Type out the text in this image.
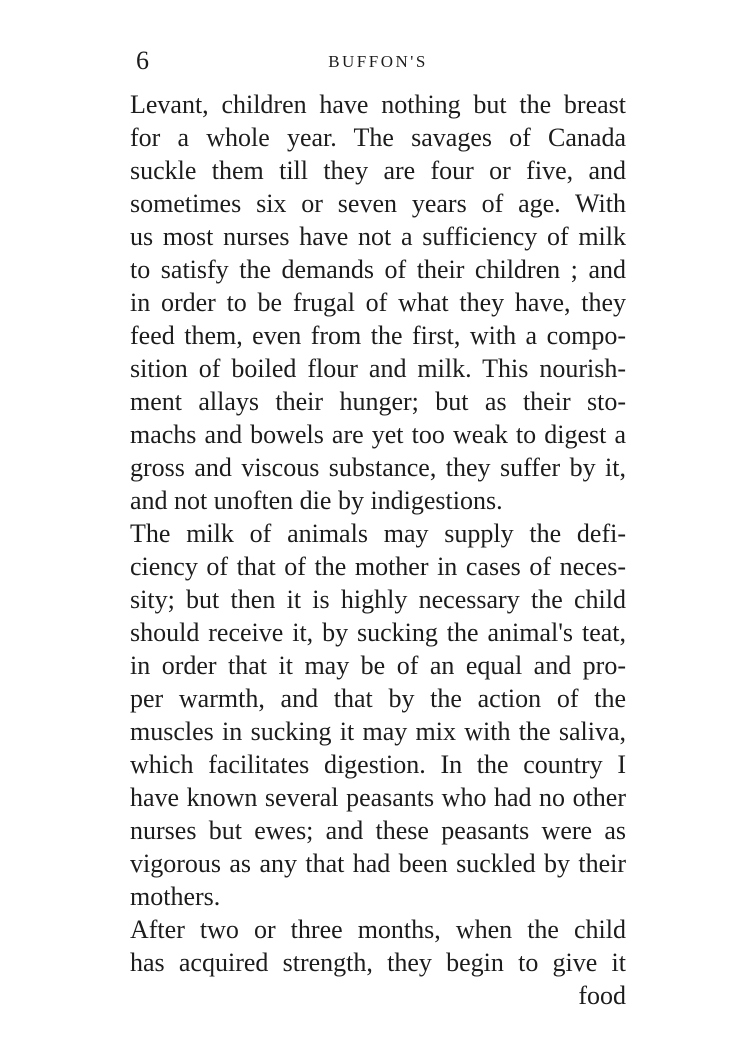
6	BUFFON'S
Levant, children have nothing but the breast
for a whole year. The savages of Canada
suckle them till they are four or five, and
sometimes six or seven years of age. With
us most nurses have not a sufficiency of milk
to satisfy the demands of their children ; and
in order to be frugal of what they have, they
feed them, even from the first, with a compo-
sition of boiled flour and milk. This nourish-
ment allays their hunger; but as their sto-
machs and bowels are yet too weak to digest a
gross and viscous substance, they suffer by it,
and not unoften die by indigestions.
The milk of animals may supply the defi-
ciency of that of the mother in cases of neces-
sity; but then it is highly necessary the child
should receive it, by sucking the animal's teat,
in order that it may be of an equal and pro-
per warmth, and that by the action of the
muscles in sucking it may mix with the saliva,
which facilitates digestion. In the country I
have known several peasants who had no other
nurses but ewes; and these peasants were as
vigorous as any that had been suckled by their
mothers.
After two or three months, when the child
has acquired strength, they begin to give it
food
